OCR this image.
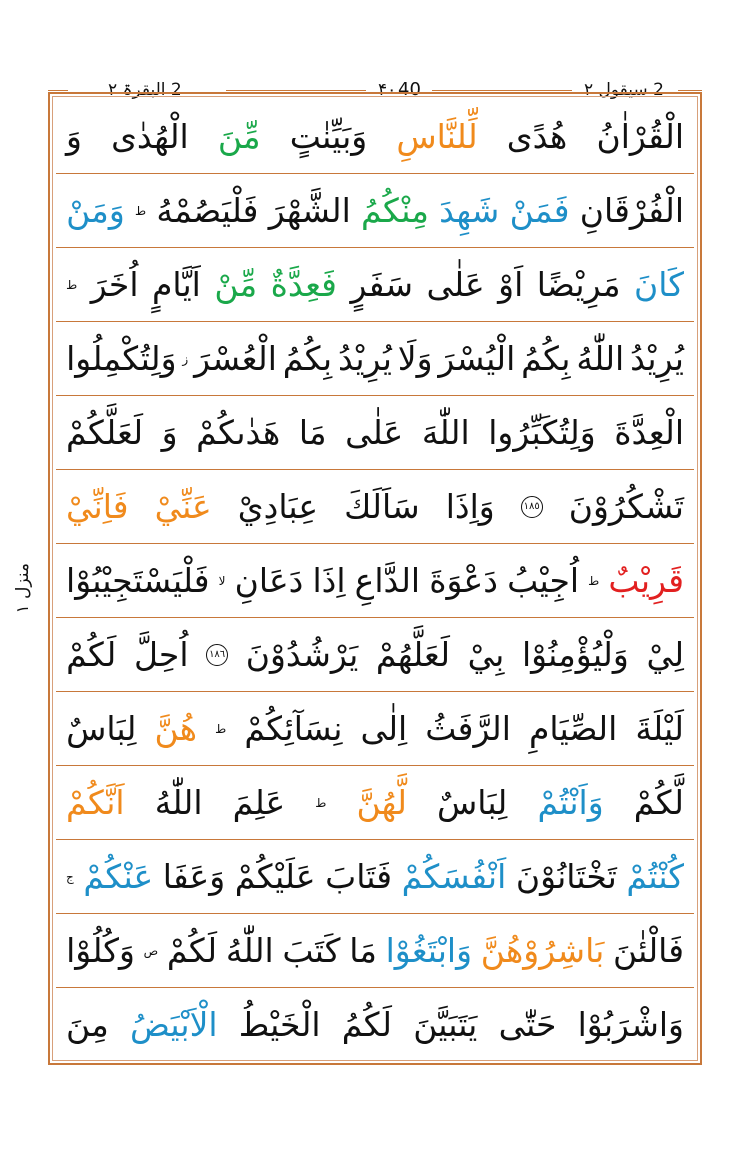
2 البقرۃ ۲	۴۰ 40	2 سیقول ۲
منزل ۱
الْقُرْاٰنُ
هُدًى
لِّلنَّاسِ
وَبَيِّنٰتٍ
مِّنَ
الْهُدٰى
وَ
الْفُرْقَانِ
فَمَنْ
شَهِدَ
مِنْكُمُ
الشَّهْرَ
فَلْيَصُمْهُ
ط
وَمَنْ
كَانَ
مَرِيْضًا
اَوْ
عَلٰى
سَفَرٍ
فَعِدَّةٌ
مِّنْ
اَيَّامٍ
اُخَرَ
ط
يُرِيْدُ
اللّٰهُ
بِكُمُ
الْيُسْرَ
وَلَا
يُرِيْدُ
بِكُمُ
الْعُسْرَ
ز
وَلِتُكْمِلُوا
الْعِدَّةَ
وَلِتُكَبِّرُوا
اللّٰهَ
عَلٰى
مَا
هَدٰىكُمْ
وَ
لَعَلَّكُمْ
تَشْكُرُوْنَ
١٨٥
وَاِذَا
سَاَلَكَ
عِبَادِيْ
عَنِّيْ
فَاِنِّيْ
قَرِيْبٌ
ط
اُجِيْبُ
دَعْوَةَ
الدَّاعِ
اِذَا
دَعَانِ
لا
فَلْيَسْتَجِيْبُوْا
لِيْ
وَلْيُؤْمِنُوْا
بِيْ
لَعَلَّهُمْ
يَرْشُدُوْنَ
١٨٦
اُحِلَّ
لَكُمْ
لَيْلَةَ
الصِّيَامِ
الرَّفَثُ
اِلٰى
نِسَآئِكُمْ
ط
هُنَّ
لِبَاسٌ
لَّكُمْ
وَاَنْتُمْ
لِبَاسٌ
لَّهُنَّ
ط
عَلِمَ
اللّٰهُ
اَنَّكُمْ
كُنْتُمْ
تَخْتَانُوْنَ
اَنْفُسَكُمْ
فَتَابَ
عَلَيْكُمْ
وَعَفَا
عَنْكُمْ
ج
فَالْئٰنَ
بَاشِرُوْهُنَّ
وَابْتَغُوْا
مَا
كَتَبَ
اللّٰهُ
لَكُمْ
ص
وَكُلُوْا
وَاشْرَبُوْا
حَتّٰى
يَتَبَيَّنَ
لَكُمُ
الْخَيْطُ
الْاَبْيَضُ
مِنَ
